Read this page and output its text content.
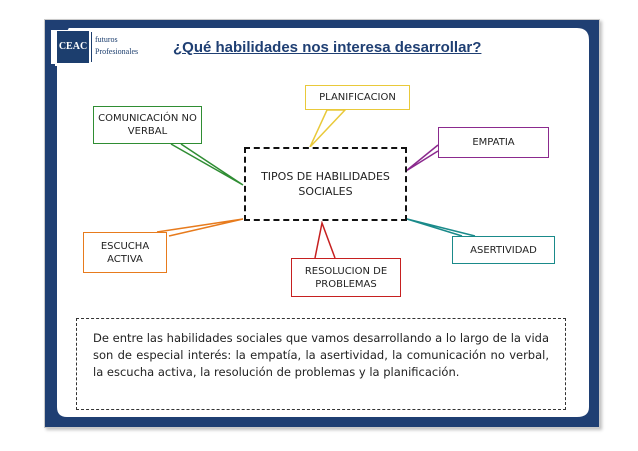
CEAC
futuros
Profesionales ¿Qué habilidades nos interesa desarrollar?
TIPOS DE HABILIDADES SOCIALES
PLANIFICACION
COMUNICACIÓN NO VERBAL
EMPATIA
ESCUCHA ACTIVA
ASERTIVIDAD
RESOLUCION DE PROBLEMAS
De entre las habilidades sociales que vamos desarrollando a lo largo de la vida son de especial interés: la empatía, la asertividad, la comunicación no verbal, la escucha activa, la resolución de problemas y la planificación.
